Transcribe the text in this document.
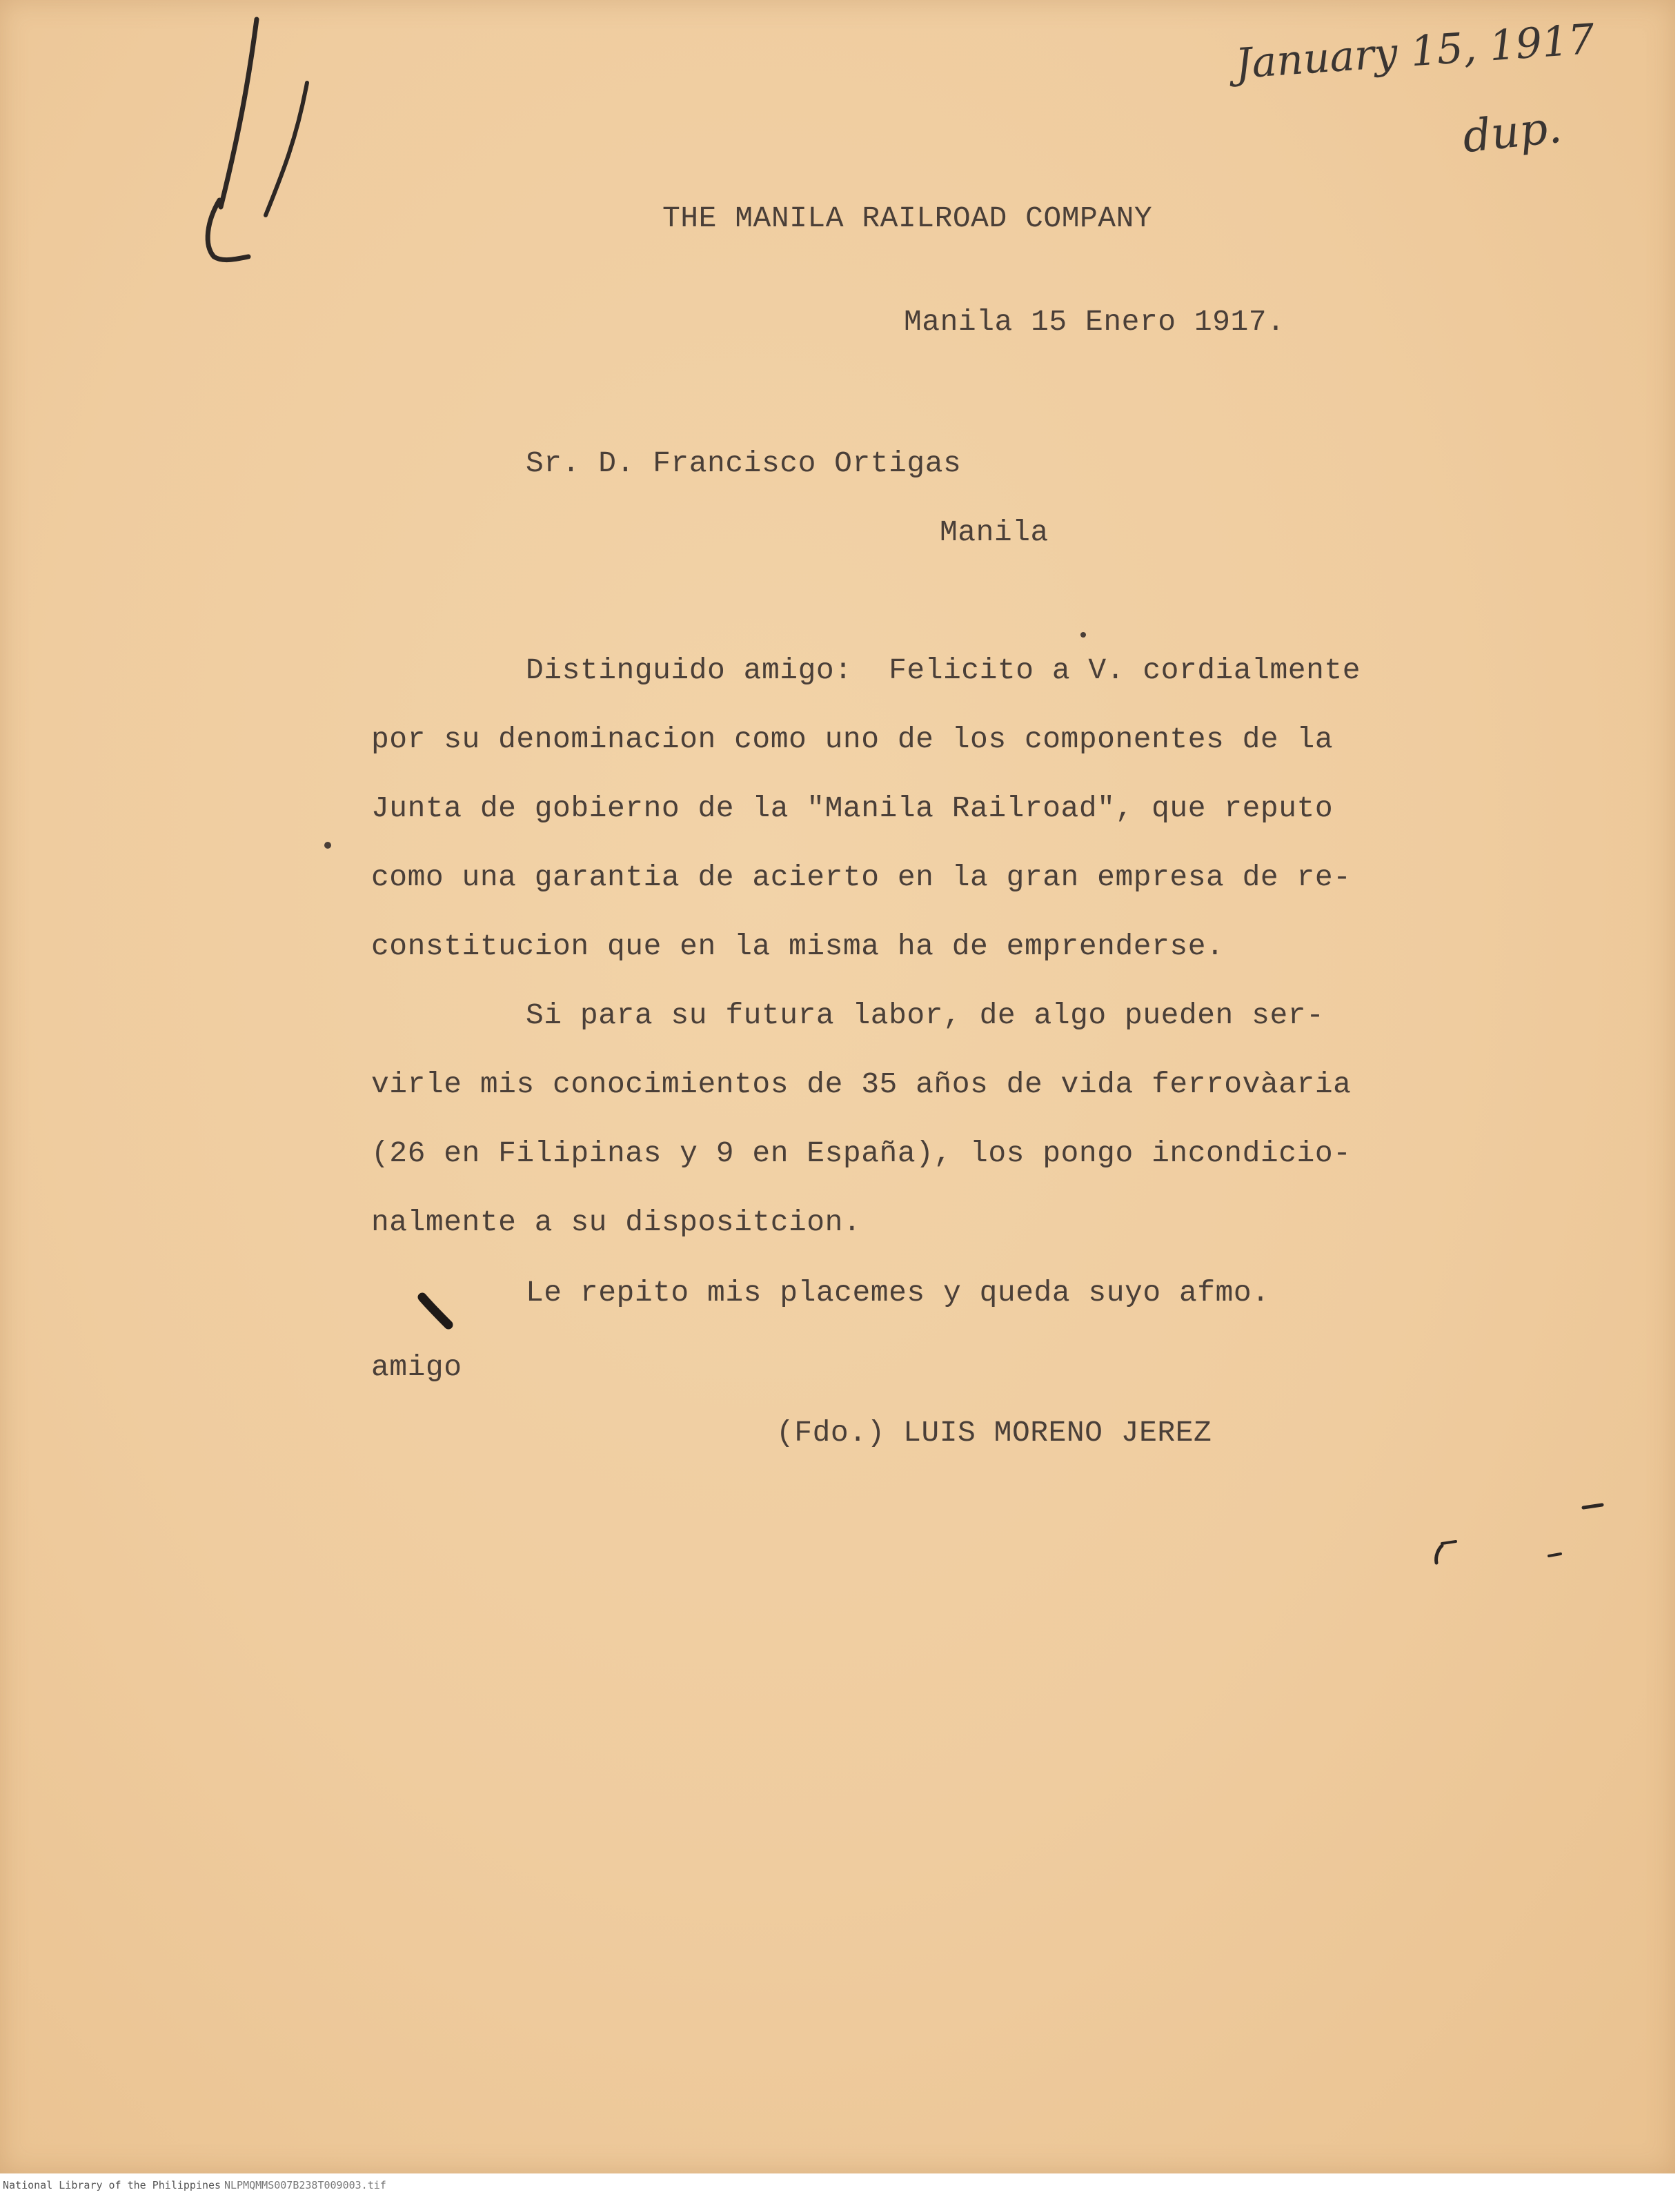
January 15, 1917
dup.
THE MANILA RAILROAD COMPANY
Manila 15 Enero 1917.
Sr. D. Francisco Ortigas
Manila
Distinguido amigo:  Felicito a V. cordialmente
por su denominacion como uno de los componentes de la
Junta de gobierno de la "Manila Railroad", que reputo
como una garantia de acierto en la gran empresa de re-
constitucion que en la misma ha de emprenderse.
Si para su futura labor, de algo pueden ser-
virle mis conocimientos de 35 años de vida ferrovàaria
(26 en Filipinas y 9 en España), los pongo incondicio-
nalmente a su dispositcion.
Le repito mis placemes y queda suyo afmo.
amigo
(Fdo.) LUIS MORENO JEREZ
National Library of the Philippines NLPMQMMS007B238T009003.tif
